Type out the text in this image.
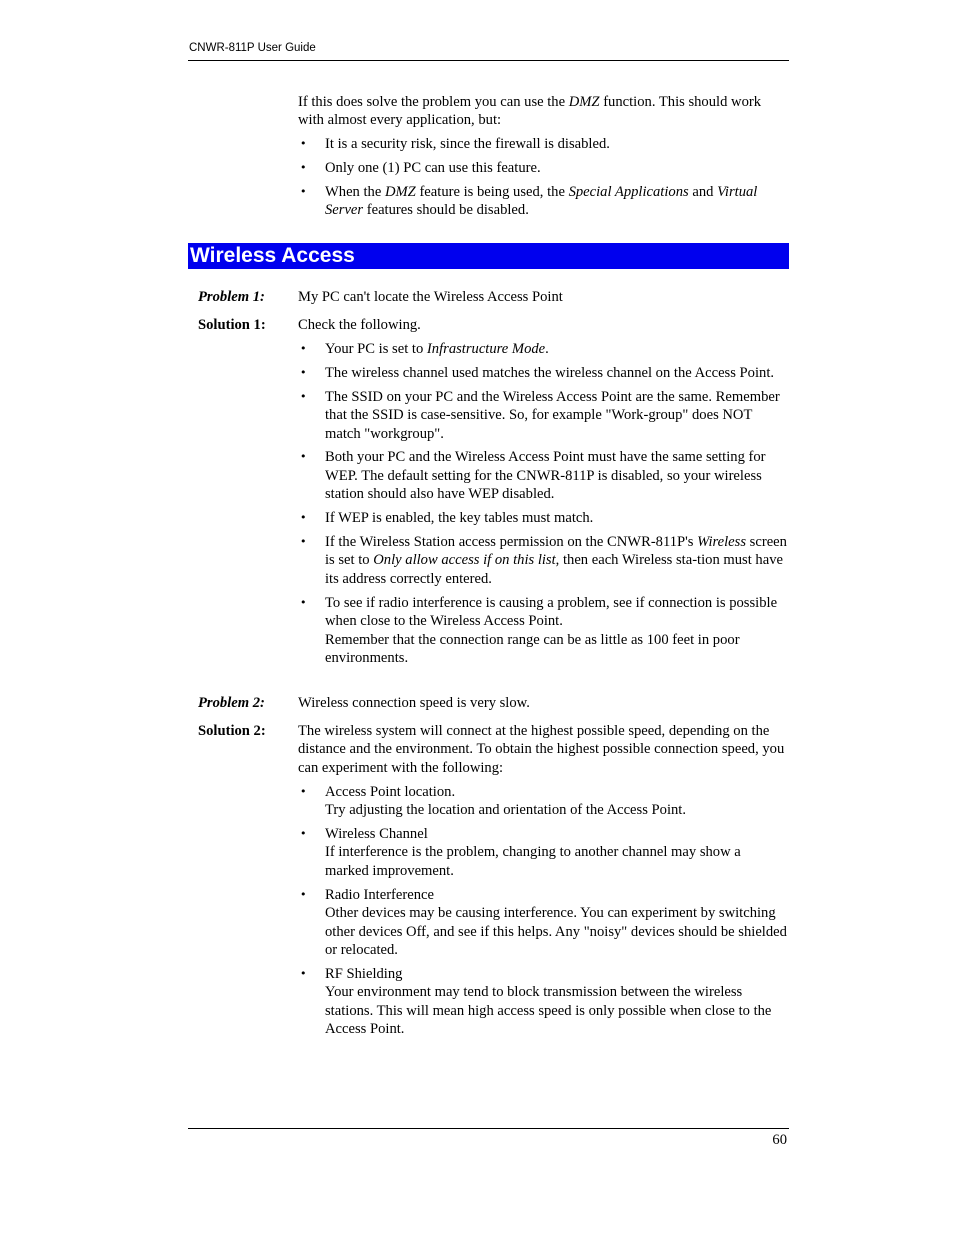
CNWR-811P User Guide

If this does solve the problem you can use the DMZ function. This should work with almost every application, but:

• It is a security risk, since the firewall is disabled.
• Only one (1) PC can use this feature.
• When the DMZ feature is being used, the Special Applications and Virtual Server features should be disabled.
Wireless Access
Problem 1: My PC can't locate the Wireless Access Point

Solution 1: Check the following.

• Your PC is set to Infrastructure Mode.
• The wireless channel used matches the wireless channel on the Access Point.
• The SSID on your PC and the Wireless Access Point are the same. Remember that the SSID is case-sensitive. So, for example "Work-group" does NOT match "workgroup".
• Both your PC and the Wireless Access Point must have the same setting for WEP. The default setting for the CNWR-811P is disabled, so your wireless station should also have WEP disabled.
• If WEP is enabled, the key tables must match.
• If the Wireless Station access permission on the CNWR-811P's Wireless screen is set to Only allow access if on this list, then each Wireless sta-tion must have its address correctly entered.
• To see if radio interference is causing a problem, see if connection is possible when close to the Wireless Access Point.
Remember that the connection range can be as little as 100 feet in poor environments.
Problem 2: Wireless connection speed is very slow.

Solution 2: The wireless system will connect at the highest possible speed, depending on the distance and the environment. To obtain the highest possible connection speed, you can experiment with the following:

• Access Point location.
Try adjusting the location and orientation of the Access Point.
• Wireless Channel
If interference is the problem, changing to another channel may show a marked improvement.
• Radio Interference
Other devices may be causing interference. You can experiment by switching other devices Off, and see if this helps. Any "noisy" devices should be shielded or relocated.
• RF Shielding
Your environment may tend to block transmission between the wireless stations. This will mean high access speed is only possible when close to the Access Point.
60
